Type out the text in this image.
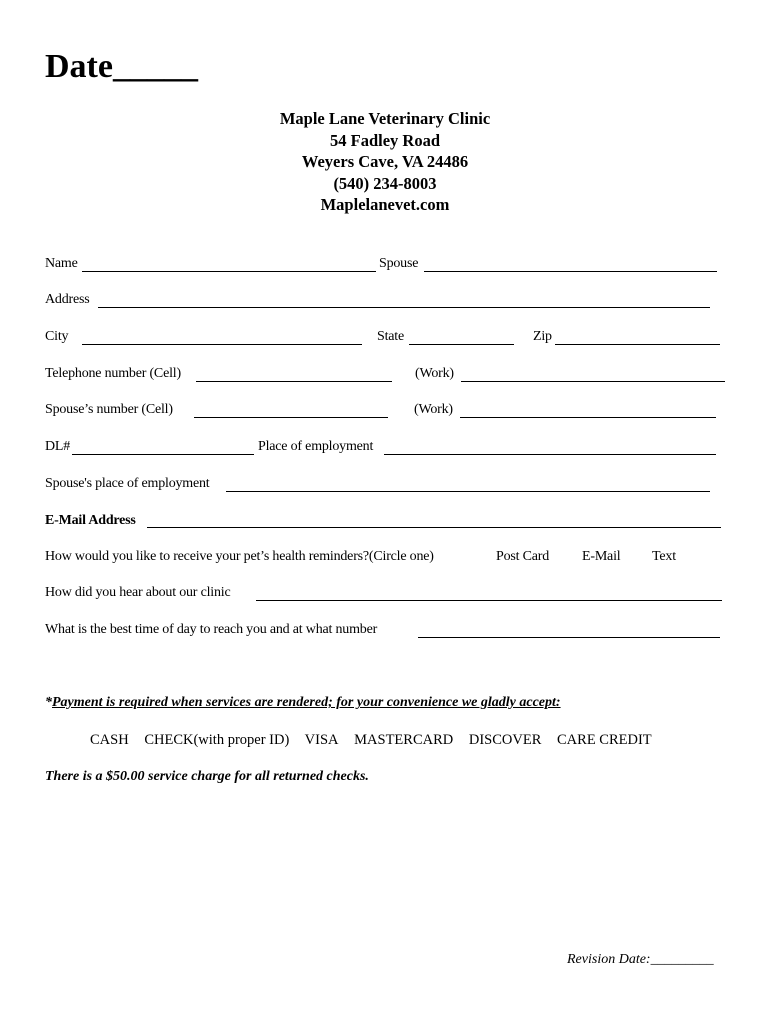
Date_____
Maple Lane Veterinary Clinic
54 Fadley Road
Weyers Cave, VA 24486
(540) 234-8003
Maplelanevet.com
Name	Spouse
Address
City	State	Zip
Telephone number (Cell)	(Work)
Spouse’s number (Cell)	(Work)
DL#	Place of employment
Spouse's place of employment
E-Mail Address
How would you like to receive your pet’s health reminders?(Circle one)	Post Card E-Mail Text
How did you hear about our clinic
What is the best time of day to reach you and at what number
*Payment is required when services are rendered; for your convenience we gladly accept:
CASH CHECK(with proper ID) VISA MASTERCARD DISCOVER CARE CREDIT
There is a $50.00 service charge for all returned checks.
Revision Date:_________
